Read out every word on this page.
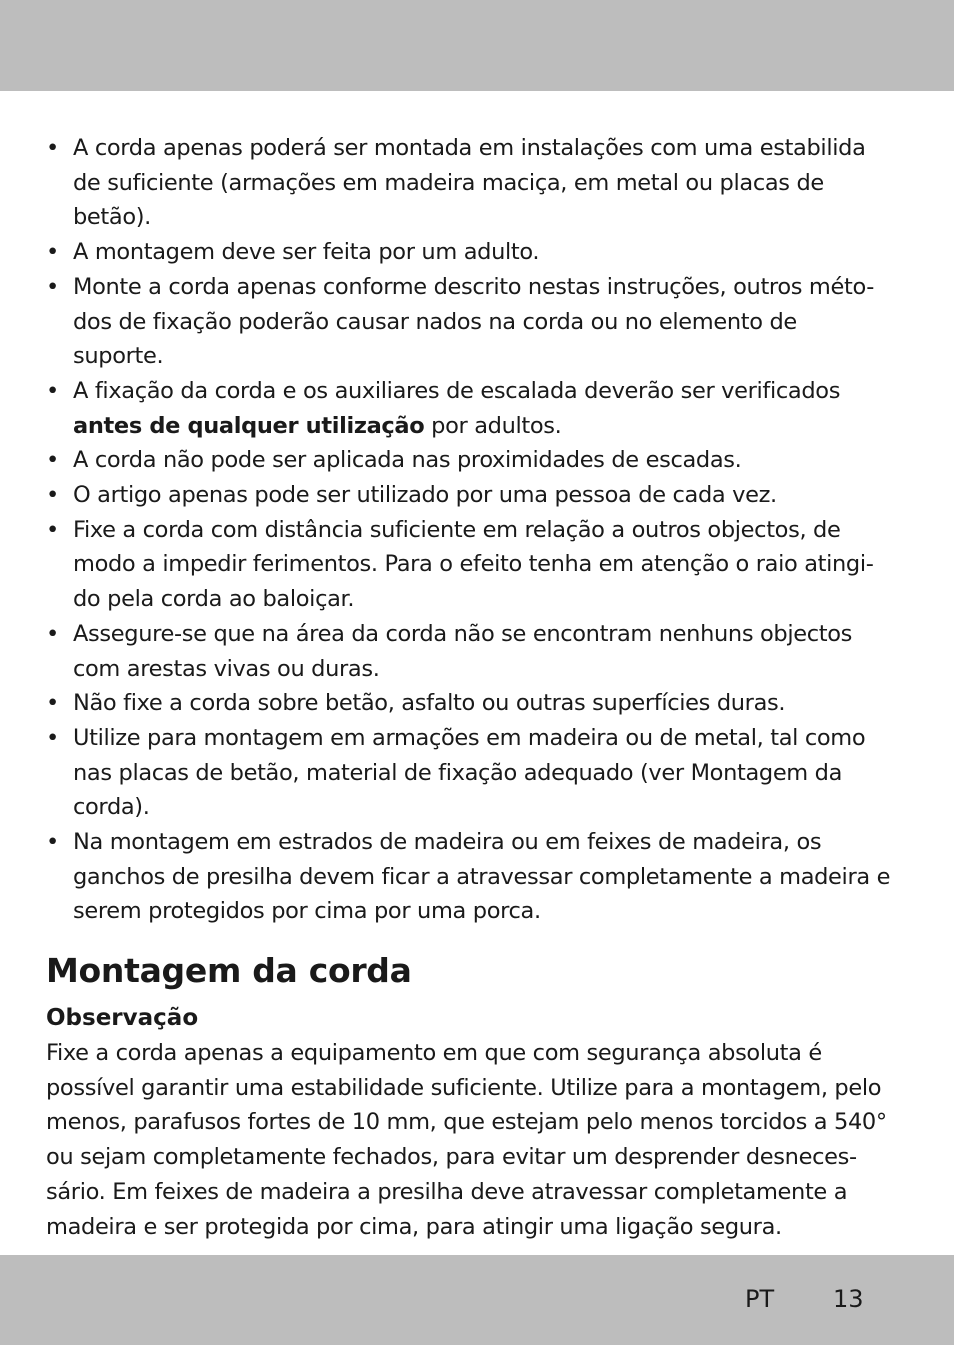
• A corda apenas poderá ser montada em instalações com uma estabilida
de suficiente (armações em madeira maciça, em metal ou placas de
betão).
• A montagem deve ser feita por um adulto.
• Monte a corda apenas conforme descrito nestas instruções, outros méto-
dos de fixação poderão causar nados na corda ou no elemento de
suporte.
• A fixação da corda e os auxiliares de escalada deverão ser verificados
antes de qualquer utilização por adultos.
• A corda não pode ser aplicada nas proximidades de escadas.
• O artigo apenas pode ser utilizado por uma pessoa de cada vez.
• Fixe a corda com distância suficiente em relação a outros objectos, de
modo a impedir ferimentos. Para o efeito tenha em atenção o raio atingi-
do pela corda ao baloiçar.
• Assegure-se que na área da corda não se encontram nenhuns objectos
com arestas vivas ou duras.
• Não fixe a corda sobre betão, asfalto ou outras superfícies duras.
• Utilize para montagem em armações em madeira ou de metal, tal como
nas placas de betão, material de fixação adequado (ver Montagem da
corda).
• Na montagem em estrados de madeira ou em feixes de madeira, os
ganchos de presilha devem ficar a atravessar completamente a madeira e
serem protegidos por cima por uma porca.
Montagem da corda
Observação

Fixe a corda apenas a equipamento em que com segurança absoluta é
possível garantir uma estabilidade suficiente. Utilize para a montagem, pelo
menos, parafusos fortes de 10 mm, que estejam pelo menos torcidos a 540°
ou sejam completamente fechados, para evitar um desprender desneces-
sário. Em feixes de madeira a presilha deve atravessar completamente a
madeira e ser protegida por cima, para atingir uma ligação segura.

PT 13
